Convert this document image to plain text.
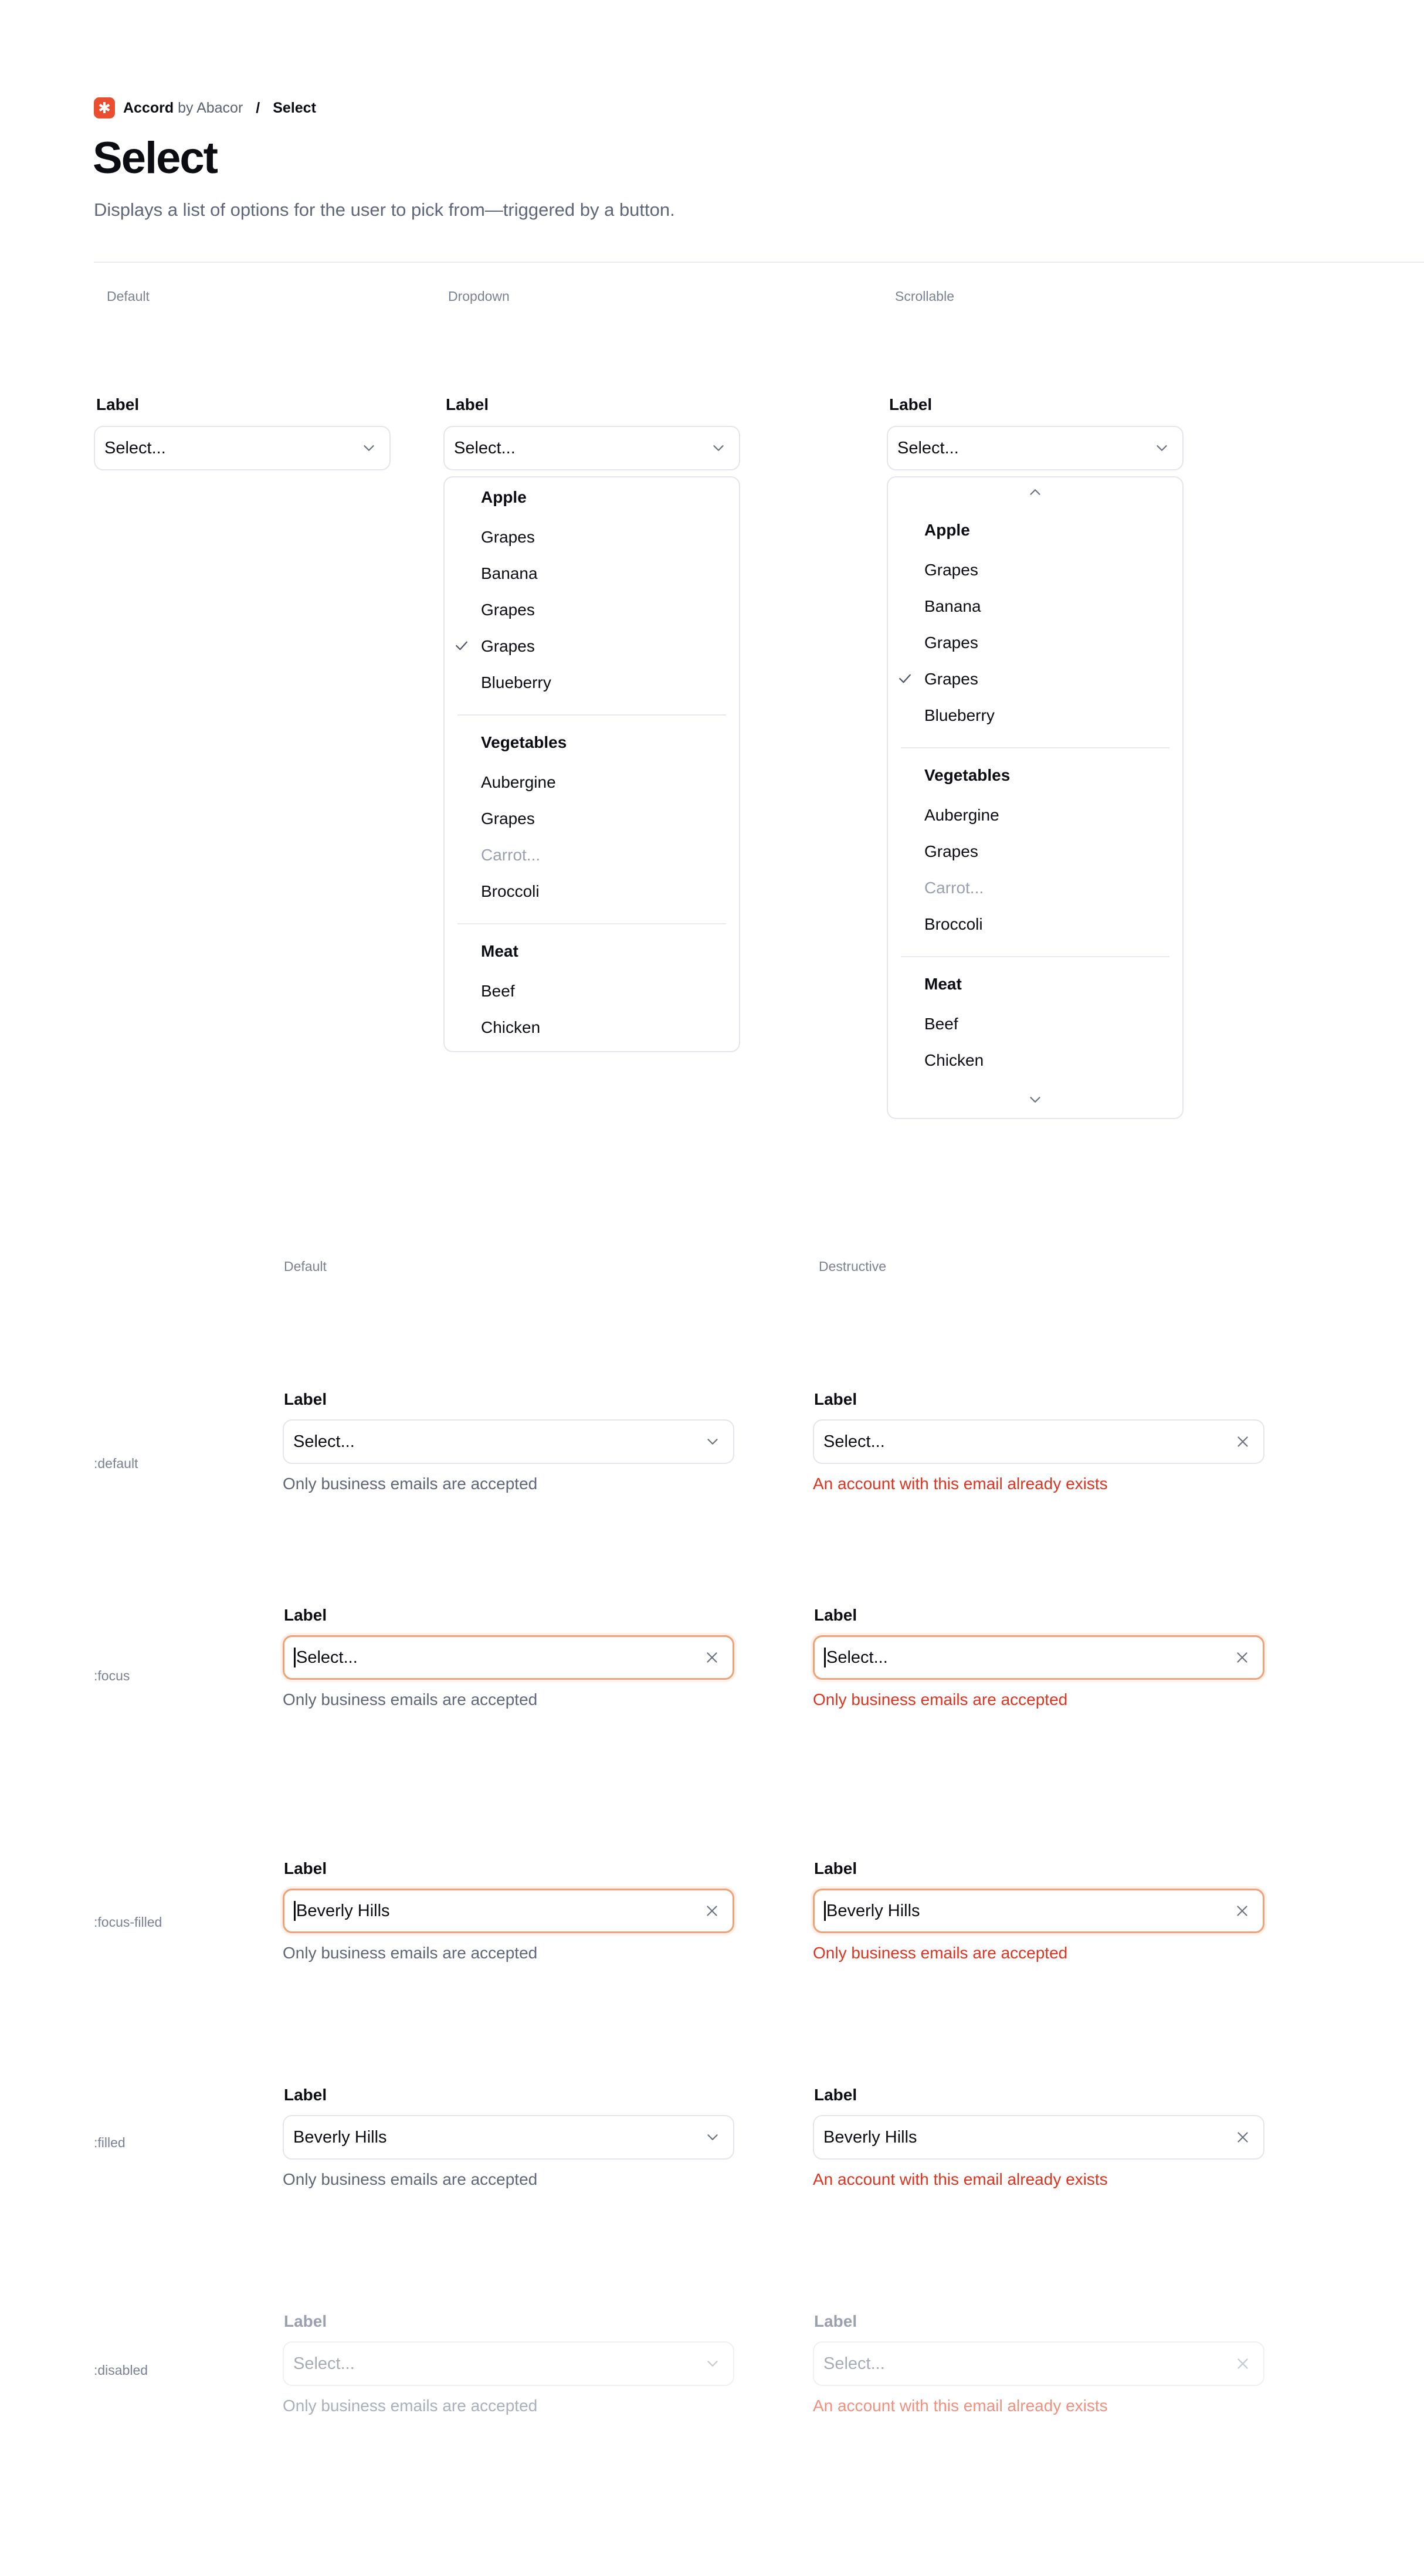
✱ Accord by Abacor / Select
Select
Displays a list of options for the user to pick from—triggered by a button.
Default	Dropdown	Scrollable
Label
Select...
Label
Select...
Apple
Grapes
Banana
Grapes
Grapes
Blueberry
Vegetables
Aubergine
Grapes
Carrot...
Broccoli
Meat
Beef
Chicken
Label
Select...
Apple
Grapes
Banana
Grapes
Grapes
Blueberry
Vegetables
Aubergine
Grapes
Carrot...
Broccoli
Meat
Beef
Chicken
Default	Destructive
:default
Label
Select...
Only business emails are accepted
Label
Select...
An account with this email already exists
:focus
Label
Select...
Only business emails are accepted
Label
Select...
Only business emails are accepted
:focus-filled
Label
Beverly Hills
Only business emails are accepted
Label
Beverly Hills
Only business emails are accepted
:filled
Label
Beverly Hills
Only business emails are accepted
Label
Beverly Hills
An account with this email already exists
:disabled
Label
Select...
Only business emails are accepted
Label
Select...
An account with this email already exists
